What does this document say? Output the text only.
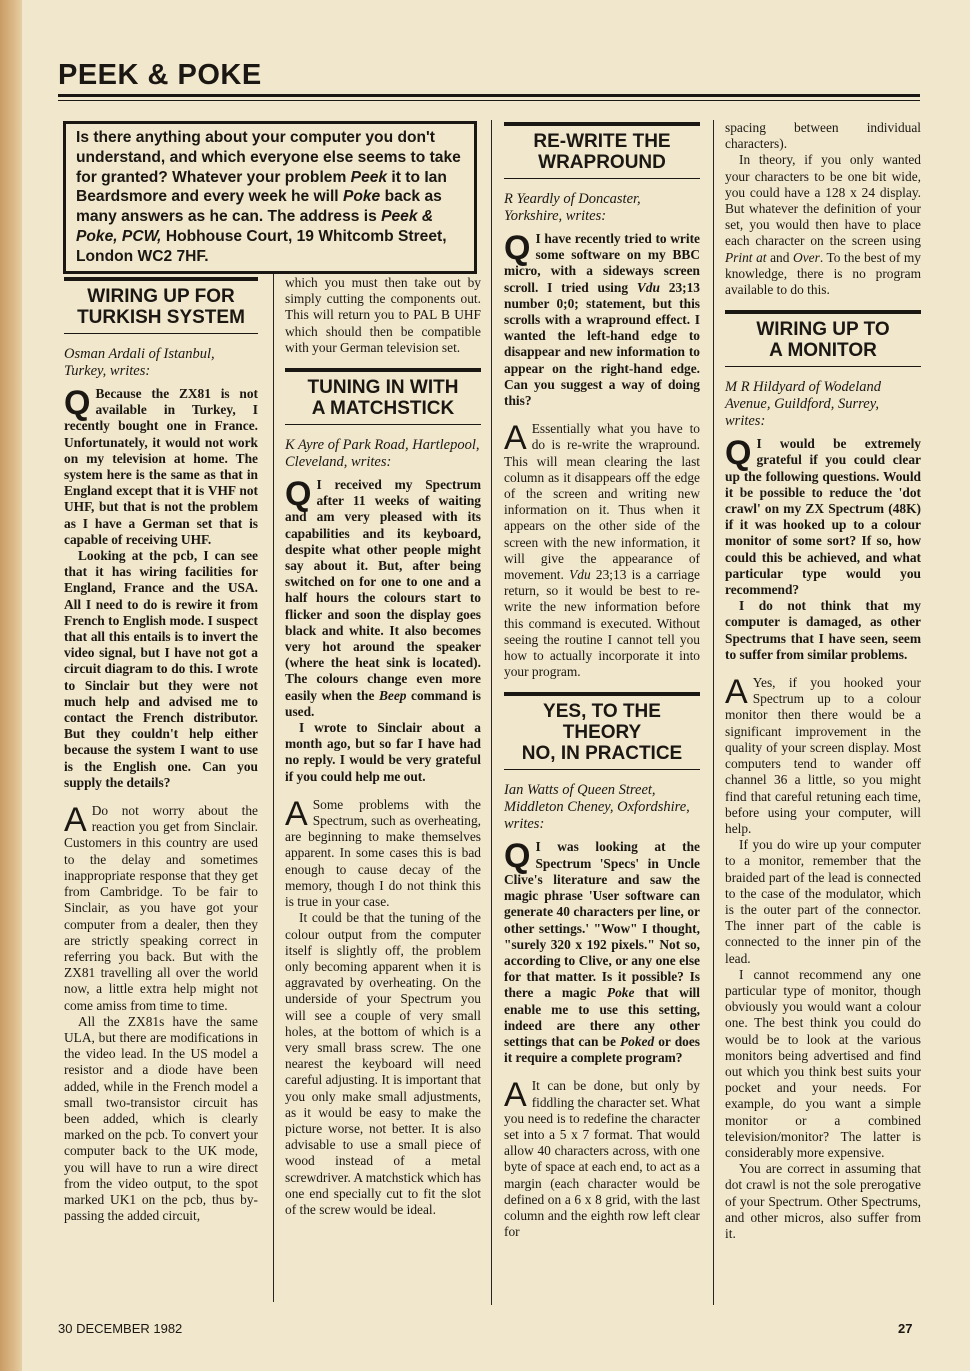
PEEK & POKE
Is there anything about your computer you don't understand, and which everyone else seems to take for granted? Whatever your problem Peek it to Ian Beardsmore and every week he will Poke back as many answers as he can. The address is Peek & Poke, PCW, Hobhouse Court, 19 Whitcomb Street, London WC2 7HF.
WIRING UP FOR
TURKISH SYSTEM
Osman Ardali of Istanbul, Turkey, writes:

Q Because the ZX81 is not available in Turkey, I recently bought one in France. Unfortunately, it would not work on my television at home. The system here is the same as that in England except that it is VHF not UHF, but that is not the problem as I have a German set that is capable of receiving UHF.

Looking at the pcb, I can see that it has wiring facilities for England, France and the USA. All I need to do is rewire it from French to English mode. I suspect that all this entails is to invert the video signal, but I have not got a circuit diagram to do this. I wrote to Sinclair but they were not much help and advised me to contact the French distributor. But they couldn't help either because the system I want to use is the English one. Can you supply the details?

A Do not worry about the reaction you get from Sinclair. Customers in this country are used to the delay and sometimes inappropriate response that they get from Cambridge. To be fair to Sinclair, as you have got your computer from a dealer, then they are strictly speaking correct in referring you back. But with the ZX81 travelling all over the world now, a little extra help might not come amiss from time to time.

All the ZX81s have the same ULA, but there are modifications in the video lead. In the US model a resistor and a diode have been added, while in the French model a small two-transistor circuit has been added, which is clearly marked on the pcb. To convert your computer back to the UK mode, you will have to run a wire direct from the video output, to the spot marked UK1 on the pcb, thus by-passing the added circuit,

which you must then take out by simply cutting the components out. This will return you to PAL B UHF which should then be compatible with your German television set.

TUNING IN WITH
A MATCHSTICK
K Ayre of Park Road, Hartlepool, Cleveland, writes:

Q I received my Spectrum after 11 weeks of waiting and am very pleased with its capabilities and its keyboard, despite what other people might say about it. But, after being switched on for one to one and a half hours the colours start to flicker and soon the display goes black and white. It also becomes very hot around the speaker (where the heat sink is located). The colours change even more easily when the Beep command is used.

I wrote to Sinclair about a month ago, but so far I have had no reply. I would be very grateful if you could help me out.

A Some problems with the Spectrum, such as overheating, are beginning to make themselves apparent. In some cases this is bad enough to cause decay of the memory, though I do not think this is true in your case.

It could be that the tuning of the colour output from the computer itself is slightly off, the problem only becoming apparent when it is aggravated by overheating. On the underside of your Spectrum you will see a couple of very small holes, at the bottom of which is a very small brass screw. The one nearest the keyboard will need careful adjusting. It is important that you only make small adjustments, as it would be easy to make the picture worse, not better. It is also advisable to use a small piece of wood instead of a metal screwdriver. A matchstick which has one end specially cut to fit the slot of the screw would be ideal.

RE-WRITE THE
WRAPROUND
R Yeardly of Doncaster, Yorkshire, writes:

Q I have recently tried to write some software on my BBC micro, with a sideways screen scroll. I tried using Vdu 23;13 number 0;0; statement, but this scrolls with a wrapround effect. I wanted the left-hand edge to disappear and new information to appear on the right-hand edge. Can you suggest a way of doing this?

A Essentially what you have to do is re-write the wrapround. This will mean clearing the last column as it disappears off the edge of the screen and writing new information on it. Thus when it appears on the other side of the screen with the new information, it will give the appearance of movement. Vdu 23;13 is a carriage return, so it would be best to re-write the new information before this command is executed. Without seeing the routine I cannot tell you how to actually incorporate it into your program.

YES, TO THE THEORY
NO, IN PRACTICE
Ian Watts of Queen Street, Middleton Cheney, Oxfordshire, writes:

Q I was looking at the Spectrum 'Specs' in Uncle Clive's literature and saw the magic phrase 'User software can generate 40 characters per line, or other settings.' "Wow" I thought, "surely 320 x 192 pixels." Not so, according to Clive, or any one else for that matter. Is it possible? Is there a magic Poke that will enable me to use this setting, indeed are there any other settings that can be Poked or does it require a complete program?

A It can be done, but only by fiddling the character set. What you need is to redefine the character set into a 5 x 7 format. That would allow 40 characters across, with one byte of space at each end, to act as a margin (each character would be defined on a 6 x 8 grid, with the last column and the eighth row left clear for

spacing between individual characters).

In theory, if you only wanted your characters to be one bit wide, you could have a 128 x 24 display. But whatever the definition of your set, you would then have to place each character on the screen using Print at and Over. To the best of my knowledge, there is no program available to do this.

WIRING UP TO
A MONITOR
M R Hildyard of Wodeland Avenue, Guildford, Surrey, writes:

Q I would be extremely grateful if you could clear up the following questions. Would it be possible to reduce the 'dot crawl' on my ZX Spectrum (48K) if it was hooked up to a colour monitor of some sort? If so, how could this be achieved, and what particular type would you recommend?

I do not think that my computer is damaged, as other Spectrums that I have seen, seem to suffer from similar problems.

A Yes, if you hooked your Spectrum up to a colour monitor then there would be a significant improvement in the quality of your screen display. Most computers tend to wander off channel 36 a little, so you might find that careful retuning each time, before using your computer, will help.

If you do wire up your computer to a monitor, remember that the braided part of the lead is connected to the case of the modulator, which is the outer part of the connector. The inner part of the cable is connected to the inner pin of the lead.

I cannot recommend any one particular type of monitor, though obviously you would want a colour one. The best think you could do would be to look at the various monitors being advertised and find out which you think best suits your pocket and your needs. For example, do you want a simple monitor or a combined television/monitor? The latter is considerably more expensive.

You are correct in assuming that dot crawl is not the sole prerogative of your Spectrum. Other Spectrums, and other micros, also suffer from it.

30 DECEMBER 1982	27
